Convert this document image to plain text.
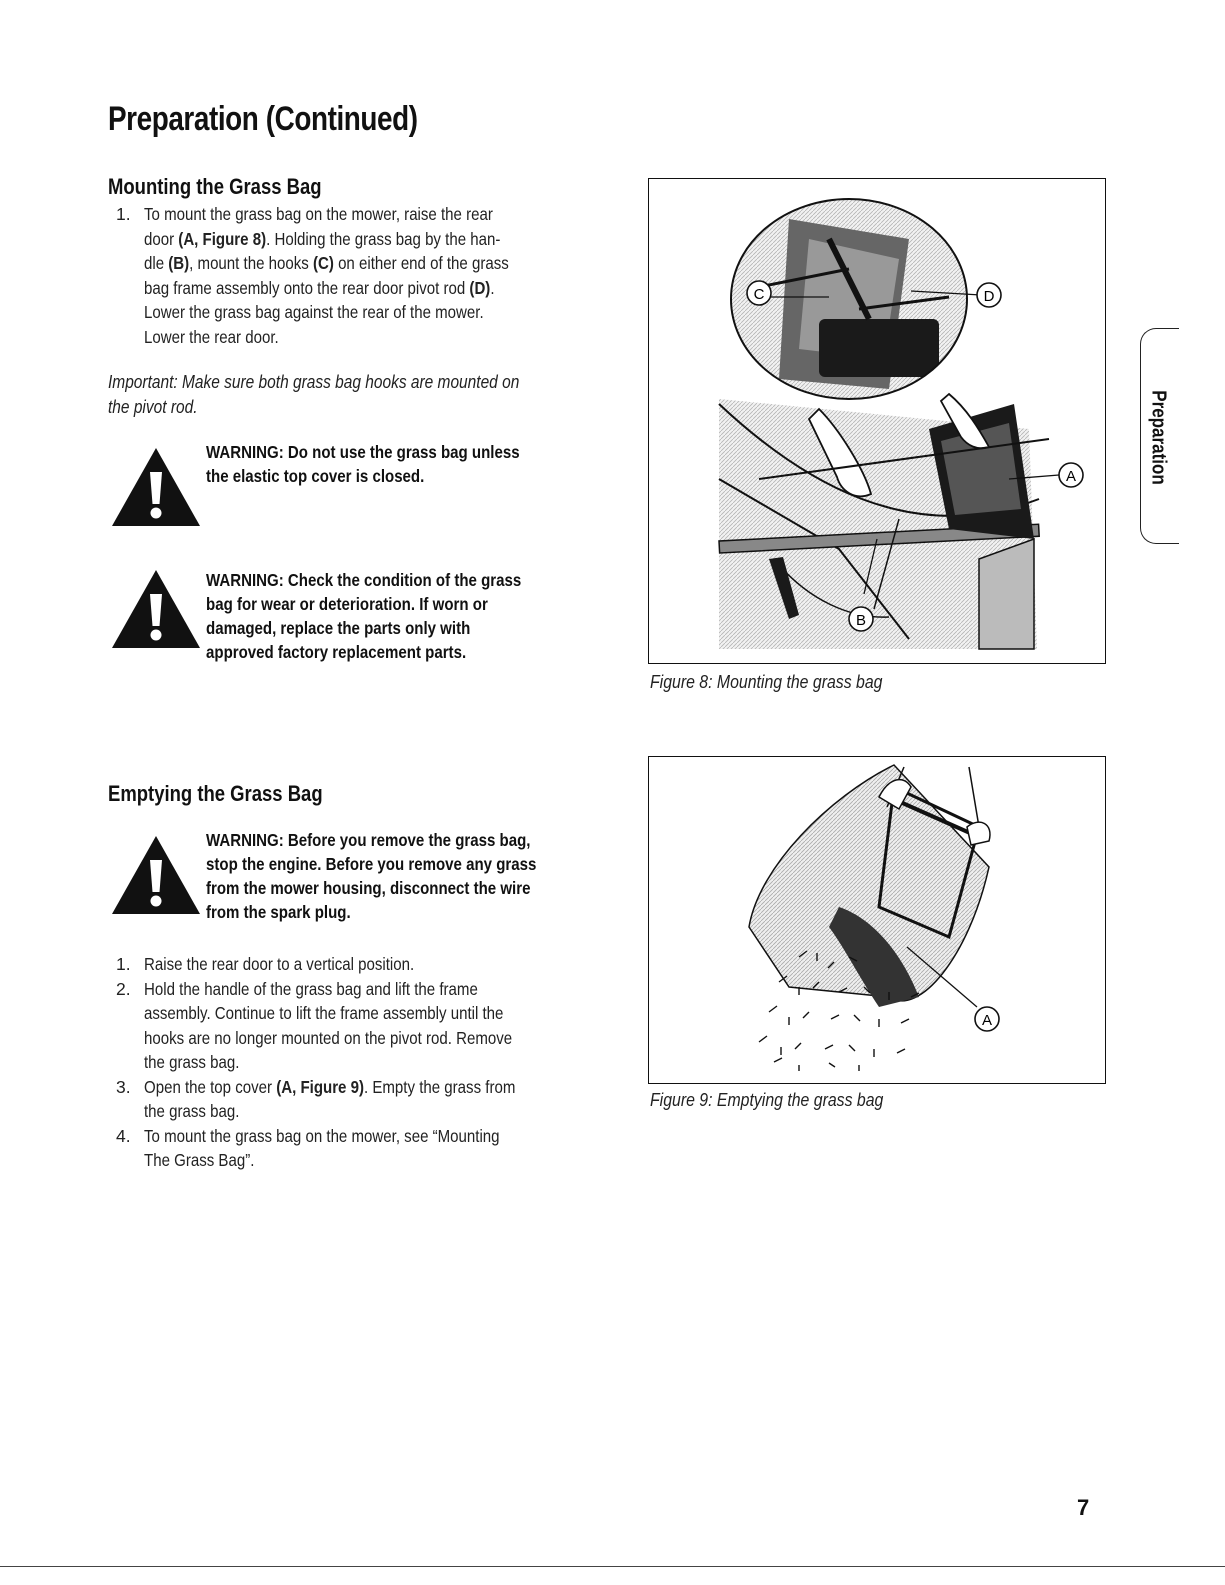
Preparation (Continued)
Mounting the Grass Bag
1. To mount the grass bag on the mower, raise the rear
door (A, Figure 8). Holding the grass bag by the han-
dle (B), mount the hooks (C) on either end of the grass
bag frame assembly onto the rear door pivot rod (D).
Lower the grass bag against the rear of the mower.
Lower the rear door.

Important: Make sure both grass bag hooks are mounted on
the pivot rod.

WARNING: Do not use the grass bag unless
the elastic top cover is closed.

WARNING: Check the condition of the grass
bag for wear or deterioration. If worn or
damaged, replace the parts only with
approved factory replacement parts.

C	D
A
B

Figure 8: Mounting the grass bag

Emptying the Grass Bag

WARNING: Before you remove the grass bag,
stop the engine. Before you remove any grass
from the mower housing, disconnect the wire
from the spark plug.

1. Raise the rear door to a vertical position.
2. Hold the handle of the grass bag and lift the frame
assembly. Continue to lift the frame assembly until the
hooks are no longer mounted on the pivot rod. Remove
the grass bag.
3. Open the top cover (A, Figure 9). Empty the grass from
the grass bag.
4. To mount the grass bag on the mower, see “Mounting
The Grass Bag”.
A

Figure 9: Emptying the grass bag

Preparation
7
